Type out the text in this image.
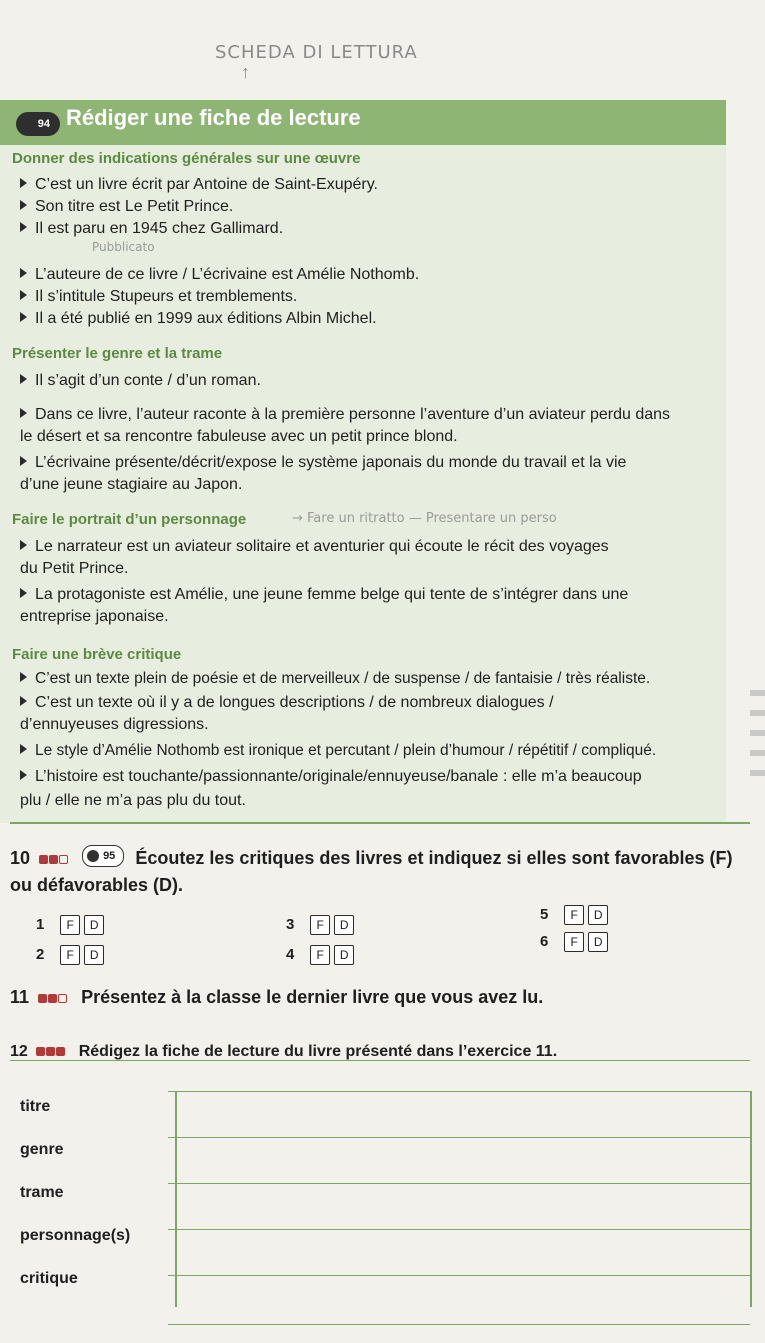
SCHEDA DI LETTURA
↑
94 Rédiger une fiche de lecture
Donner des indications générales sur une œuvre
C’est un livre écrit par Antoine de Saint-Exupéry.
Son titre est Le Petit Prince.
Il est paru en 1945 chez Gallimard.
Pubblicato
L’auteure de ce livre / L’écrivaine est Amélie Nothomb.
Il s’intitule Stupeurs et tremblements.
Il a été publié en 1999 aux éditions Albin Michel.
Présenter le genre et la trame
Il s’agit d’un conte / d’un roman.
Dans ce livre, l’auteur raconte à la première personne l’aventure d’un aviateur perdu dans
le désert et sa rencontre fabuleuse avec un petit prince blond.
L’écrivaine présente/décrit/expose le système japonais du monde du travail et la vie
d’une jeune stagiaire au Japon.
Faire le portrait d’un personnage	→ Fare un ritratto — Presentare un perso
Le narrateur est un aviateur solitaire et aventurier qui écoute le récit des voyages
du Petit Prince.
La protagoniste est Amélie, une jeune femme belge qui tente de s’intégrer dans une
entreprise japonaise.
Faire une brève critique
C’est un texte plein de poésie et de merveilleux / de suspense / de fantaisie / très réaliste.
C’est un texte où il y a de longues descriptions / de nombreux dialogues /
d’ennuyeuses digressions.
Le style d’Amélie Nothomb est ironique et percutant / plein d’humour / répétitif / compliqué.
L’histoire est touchante/passionnante/originale/ennuyeuse/banale : elle m’a beaucoup
plu / elle ne m’a pas plu du tout.
10	95 Écoutez les critiques des livres et indiquez si elles sont favorables (F)
ou défavorables (D).
1 F D
2 F D
3 F D
4 F D
5 F D
6 F D
11	Présentez à la classe le dernier livre que vous avez lu.
12	Rédigez la fiche de lecture du livre présenté dans l’exercice 11.
titre
genre
trame
personnage(s)
critique
